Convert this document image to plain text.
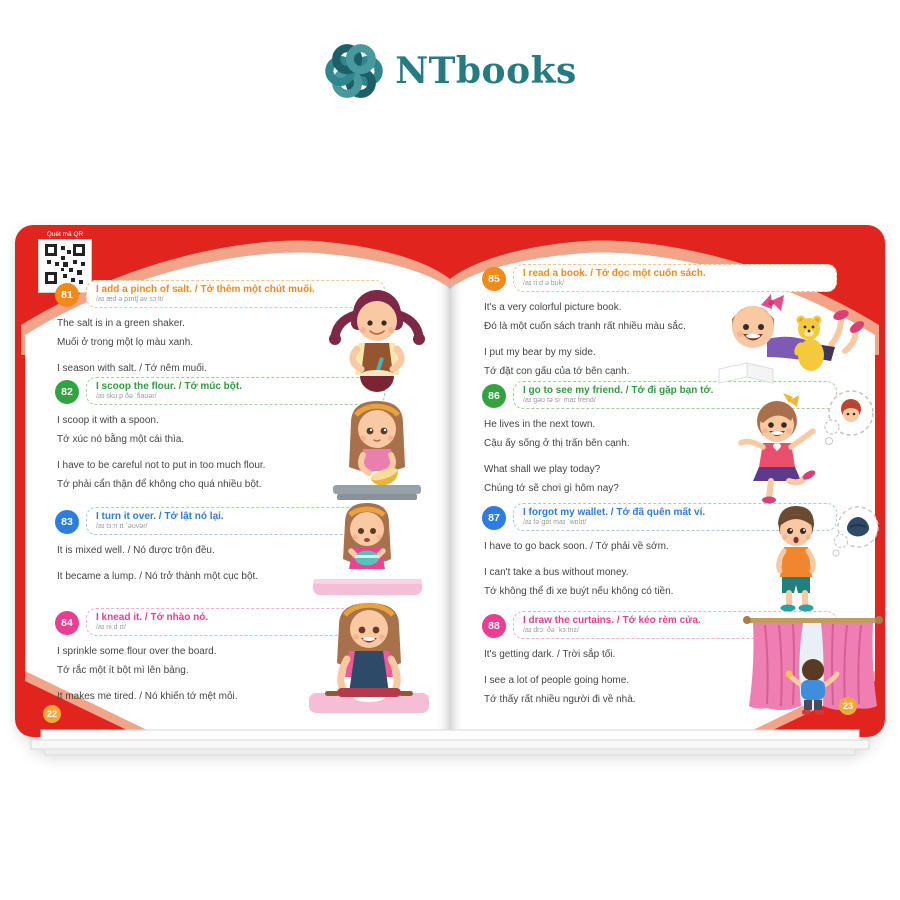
NTbooks
Quét mã QR
81	I add a pinch of salt. / Tớ thêm một chút muối.
/aɪ æd ə pɪntʃ əv sɔːlt/

The salt is in a green shaker.

Muối ở trong một lọ màu xanh.

I season with salt. / Tớ nêm muối.

82	I scoop the flour. / Tớ múc bột.
/aɪ skuːp ðə ˈflaʊər/

I scoop it with a spoon.

Tớ xúc nó bằng một cái thìa.

I have to be careful not to put in too much flour.

Tớ phải cẩn thận để không cho quá nhiều bột.

83	I turn it over. / Tớ lật nó lại.
/aɪ tɜːn ɪt ˈəʊvər/

It is mixed well. / Nó được trộn đều.

It became a lump. / Nó trở thành một cục bột.

84	I knead it. / Tớ nhào nó.
/aɪ niːd ɪt/

I sprinkle some flour over the board.

Tớ rắc một ít bột mì lên bảng.

It makes me tired. / Nó khiến tớ mệt mỏi.

85	I read a book. / Tớ đọc một cuốn sách.
/aɪ riːd ə bʊk/

It's a very colorful picture book.

Đó là một cuốn sách tranh rất nhiều màu sắc.

I put my bear by my side.

Tớ đặt con gấu của tớ bên cạnh.

86	I go to see my friend. / Tớ đi gặp bạn tớ.
/aɪ gəʊ tə siː maɪ frend/

He lives in the next town.

Cậu ấy sống ở thị trấn bên cạnh.

What shall we play today?

Chúng tớ sẽ chơi gì hôm nay?

87	I forgot my wallet. / Tớ đã quên mất ví.
/aɪ fəˈgɒt maɪ ˈwɒlɪt/

I have to go back soon. / Tớ phải về sớm.

I can't take a bus without money.

Tớ không thể đi xe buýt nếu không có tiền.

88	I draw the curtains. / Tớ kéo rèm cửa.
/aɪ drɔː ðə ˈkɜːtnz/

It's getting dark. / Trời sắp tối.

I see a lot of people going home.

Tớ thấy rất nhiều người đi về nhà.

22
23
